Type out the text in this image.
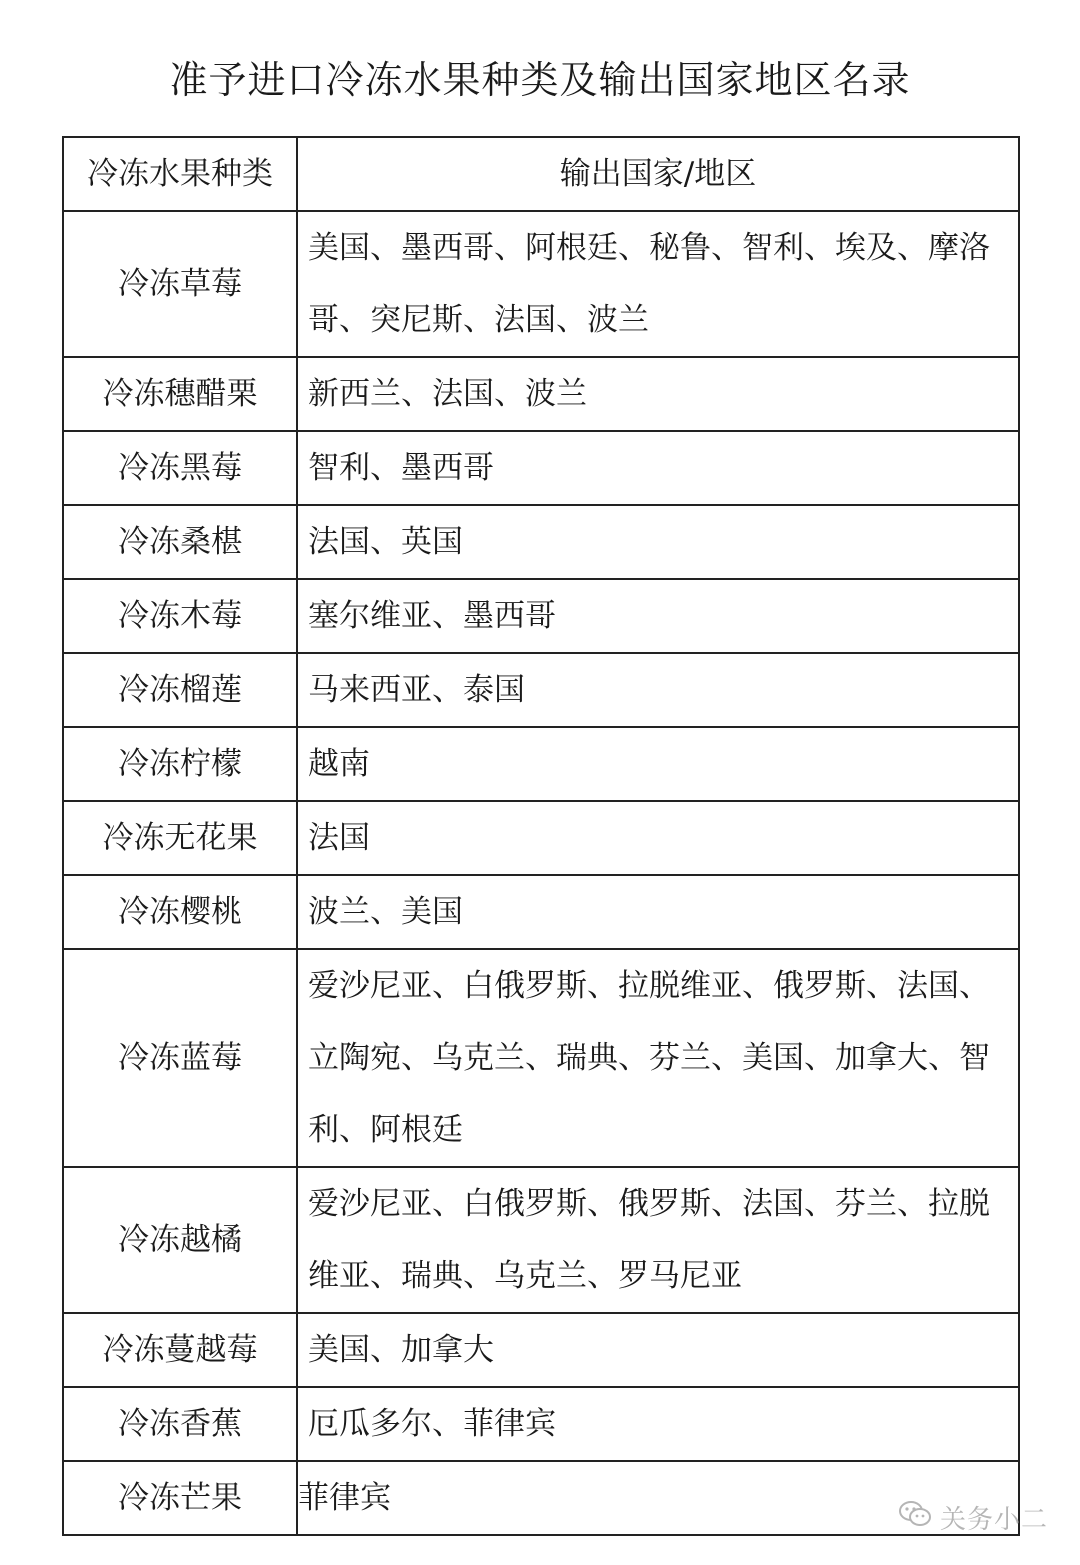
准予进口冷冻水果种类及输出国家地区名录
冷冻水果种类	输出国家/地区
冷冻草莓	美国、墨西哥、阿根廷、秘鲁、智利、埃及、摩洛哥、突尼斯、法国、波兰
冷冻穗醋栗	新西兰、法国、波兰
冷冻黑莓	智利、墨西哥
冷冻桑椹	法国、英国
冷冻木莓	塞尔维亚、墨西哥
冷冻榴莲	马来西亚、泰国
冷冻柠檬	越南
冷冻无花果	法国
冷冻樱桃	波兰、美国
冷冻蓝莓	爱沙尼亚、白俄罗斯、拉脱维亚、俄罗斯、法国、立陶宛、乌克兰、瑞典、芬兰、美国、加拿大、智利、阿根廷
冷冻越橘	爱沙尼亚、白俄罗斯、俄罗斯、法国、芬兰、拉脱维亚、瑞典、乌克兰、罗马尼亚
冷冻蔓越莓	美国、加拿大
冷冻香蕉	厄瓜多尔、菲律宾
冷冻芒果	菲律宾
关务小二
